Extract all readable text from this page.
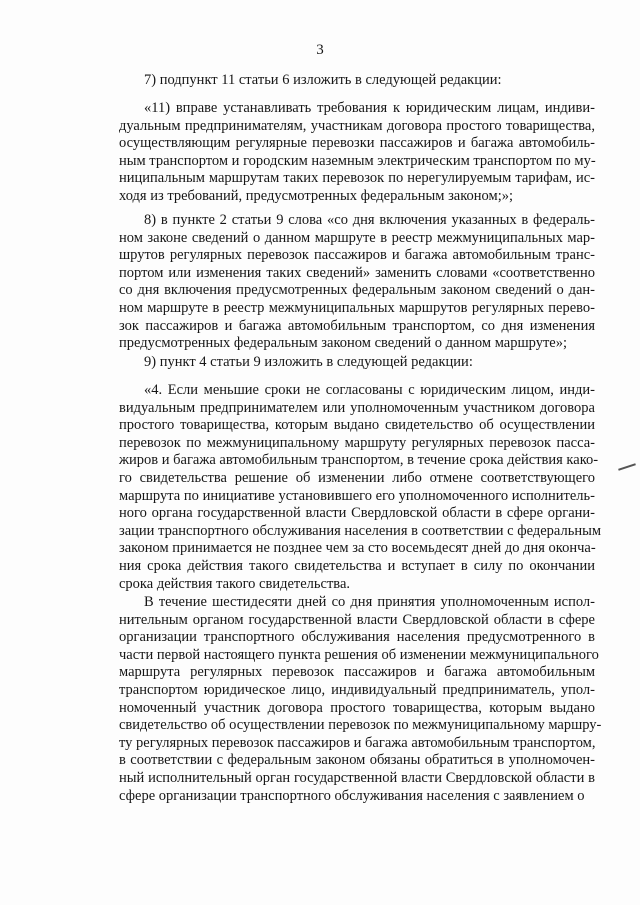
3
7) подпункт 11 статьи 6 изложить в следующей редакции:
«11) вправе устанавливать требования к юридическим лицам, индиви-
дуальным предпринимателям, участникам договора простого товарищества,
осуществляющим регулярные перевозки пассажиров и багажа автомобиль-
ным транспортом и городским наземным электрическим транспортом по му-
ниципальным маршрутам таких перевозок по нерегулируемым тарифам, ис-
ходя из требований, предусмотренных федеральным законом;»;
8) в пункте 2 статьи 9 слова «со дня включения указанных в федераль-
ном законе сведений о данном маршруте в реестр межмуниципальных мар-
шрутов регулярных перевозок пассажиров и багажа автомобильным транс-
портом или изменения таких сведений» заменить словами «соответственно
со дня включения предусмотренных федеральным законом сведений о дан-
ном маршруте в реестр межмуниципальных маршрутов регулярных перево-
зок пассажиров и багажа автомобильным транспортом, со дня изменения
предусмотренных федеральным законом сведений о данном маршруте»;
9) пункт 4 статьи 9 изложить в следующей редакции:
«4. Если меньшие сроки не согласованы с юридическим лицом, инди-
видуальным предпринимателем или уполномоченным участником договора
простого товарищества, которым выдано свидетельство об осуществлении
перевозок по межмуниципальному маршруту регулярных перевозок пасса-
жиров и багажа автомобильным транспортом, в течение срока действия како-
го свидетельства решение об изменении либо отмене соответствующего
маршрута по инициативе установившего его уполномоченного исполнитель-
ного органа государственной власти Свердловской области в сфере органи-
зации транспортного обслуживания населения в соответствии с федеральным
законом принимается не позднее чем за сто восемьдесят дней до дня оконча-
ния срока действия такого свидетельства и вступает в силу по окончании
срока действия такого свидетельства.
В течение шестидесяти дней со дня принятия уполномоченным испол-
нительным органом государственной власти Свердловской области в сфере
организации транспортного обслуживания населения предусмотренного в
части первой настоящего пункта решения об изменении межмуниципального
маршрута регулярных перевозок пассажиров и багажа автомобильным
транспортом юридическое лицо, индивидуальный предприниматель, упол-
номоченный участник договора простого товарищества, которым выдано
свидетельство об осуществлении перевозок по межмуниципальному маршру-
ту регулярных перевозок пассажиров и багажа автомобильным транспортом,
в соответствии с федеральным законом обязаны обратиться в уполномочен-
ный исполнительный орган государственной власти Свердловской области в
сфере организации транспортного обслуживания населения с заявлением о
